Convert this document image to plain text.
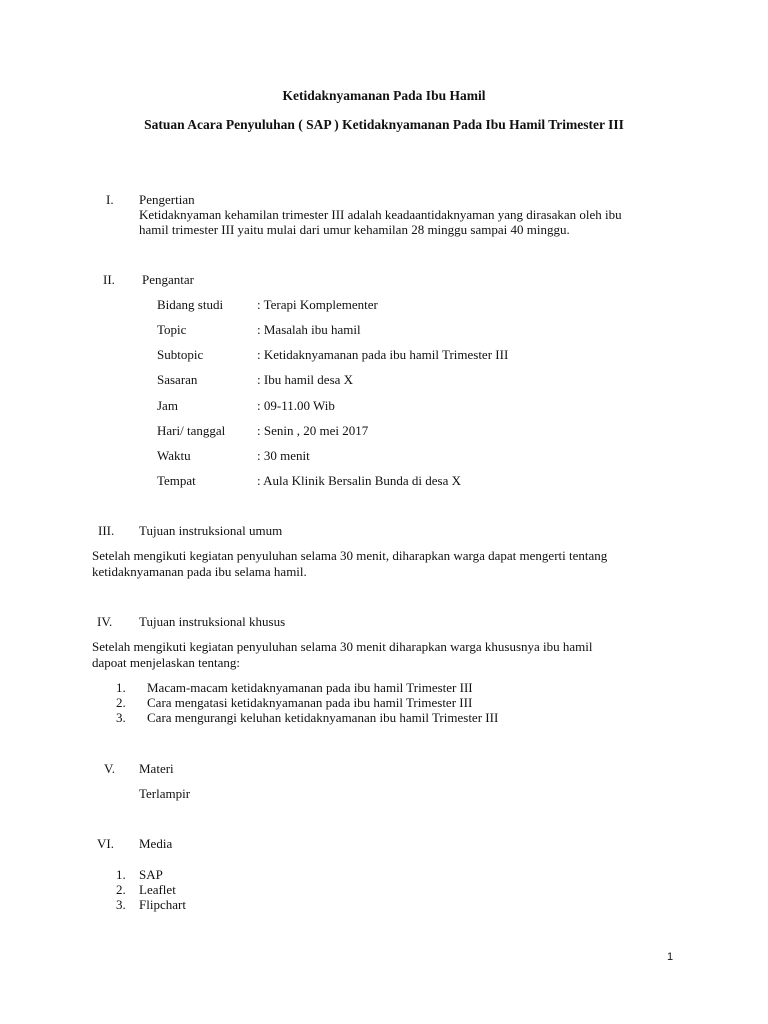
Ketidaknyamanan Pada Ibu Hamil
Satuan Acara Penyuluhan ( SAP ) Ketidaknyamanan Pada Ibu Hamil Trimester III
I. Pengertian
Ketidaknyaman kehamilan trimester III adalah keadaantidaknyaman yang dirasakan oleh ibu
hamil trimester III yaitu mulai dari umur kehamilan 28 minggu sampai 40 minggu.
II. Pengantar
Bidang studi	: Terapi Komplementer
Topic	: Masalah ibu hamil
Subtopic	: Ketidaknyamanan pada ibu hamil Trimester III
Sasaran	: Ibu hamil desa X
Jam	: 09-11.00 Wib
Hari/ tanggal : Senin , 20 mei 2017
Waktu	: 30 menit
Tempat	: Aula Klinik Bersalin Bunda di desa X
III. Tujuan instruksional umum
Setelah mengikuti kegiatan penyuluhan selama 30 menit, diharapkan warga dapat mengerti tentang
ketidaknyamanan pada ibu selama hamil.
IV. Tujuan instruksional khusus
Setelah mengikuti kegiatan penyuluhan selama 30 menit diharapkan warga khususnya ibu hamil
dapoat menjelaskan tentang:
1. Macam-macam ketidaknyamanan pada ibu hamil Trimester III
2. Cara mengatasi ketidaknyamanan pada ibu hamil Trimester III
3. Cara mengurangi keluhan ketidaknyamanan ibu hamil Trimester III
V. Materi
Terlampir
VI. Media
1. SAP
2. Leaflet
3. Flipchart
1
